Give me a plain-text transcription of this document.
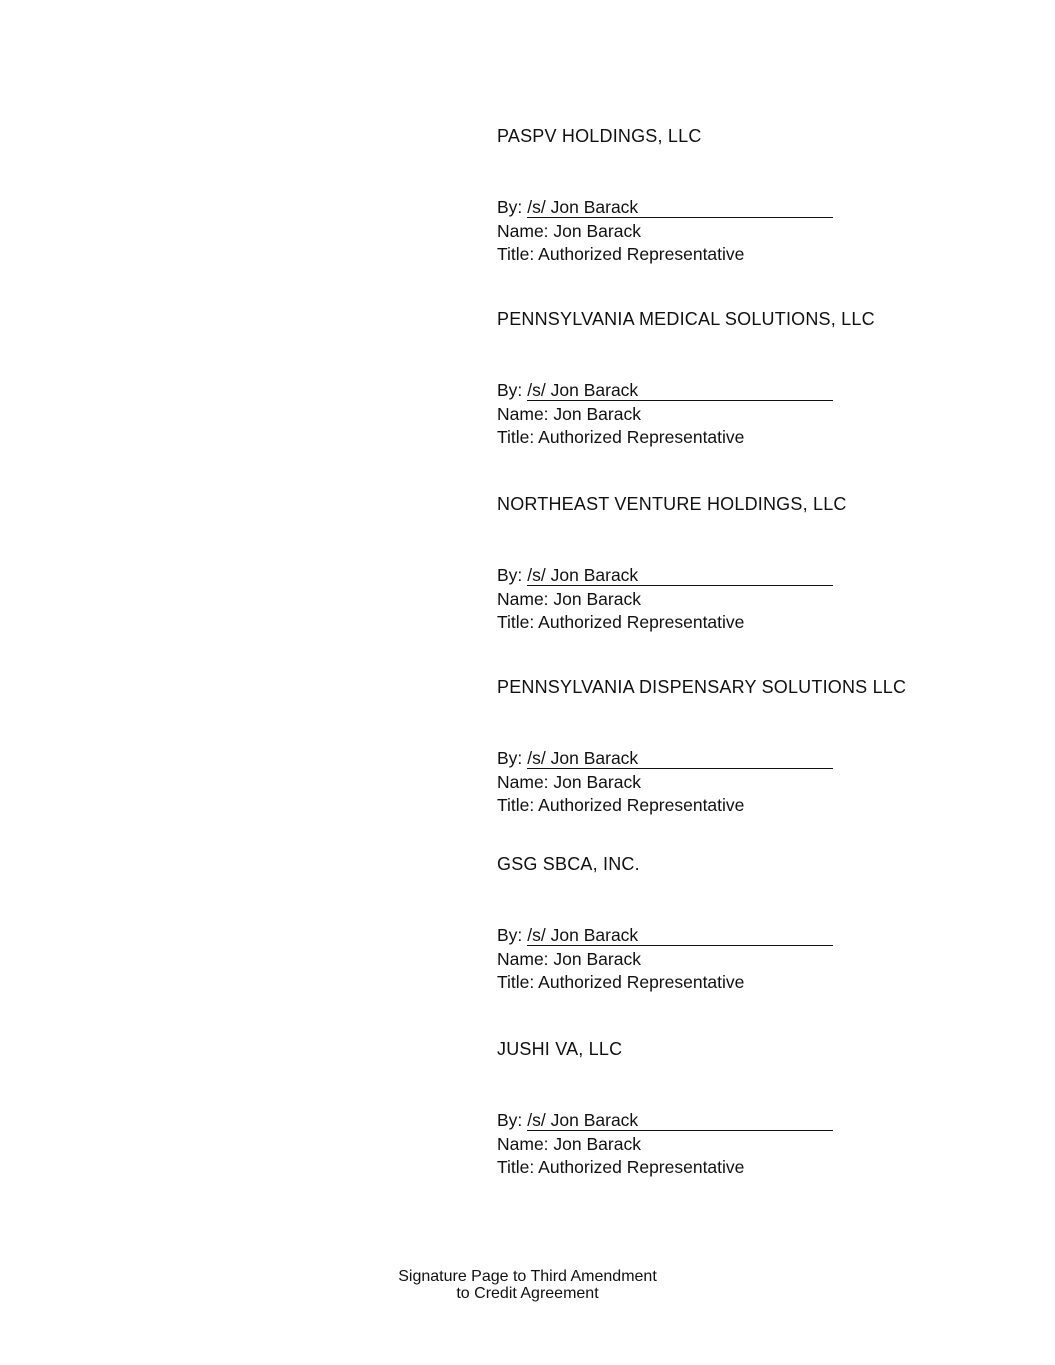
PASPV HOLDINGS, LLC
By: /s/ Jon Barack
Name: Jon Barack
Title: Authorized Representative
PENNSYLVANIA MEDICAL SOLUTIONS, LLC
By: /s/ Jon Barack
Name: Jon Barack
Title: Authorized Representative
NORTHEAST VENTURE HOLDINGS, LLC
By: /s/ Jon Barack
Name: Jon Barack
Title: Authorized Representative
PENNSYLVANIA DISPENSARY SOLUTIONS LLC
By: /s/ Jon Barack
Name: Jon Barack
Title: Authorized Representative
GSG SBCA, INC.
By: /s/ Jon Barack
Name: Jon Barack
Title: Authorized Representative
JUSHI VA, LLC
By: /s/ Jon Barack
Name: Jon Barack
Title: Authorized Representative
Signature Page to Third Amendment
to Credit Agreement
